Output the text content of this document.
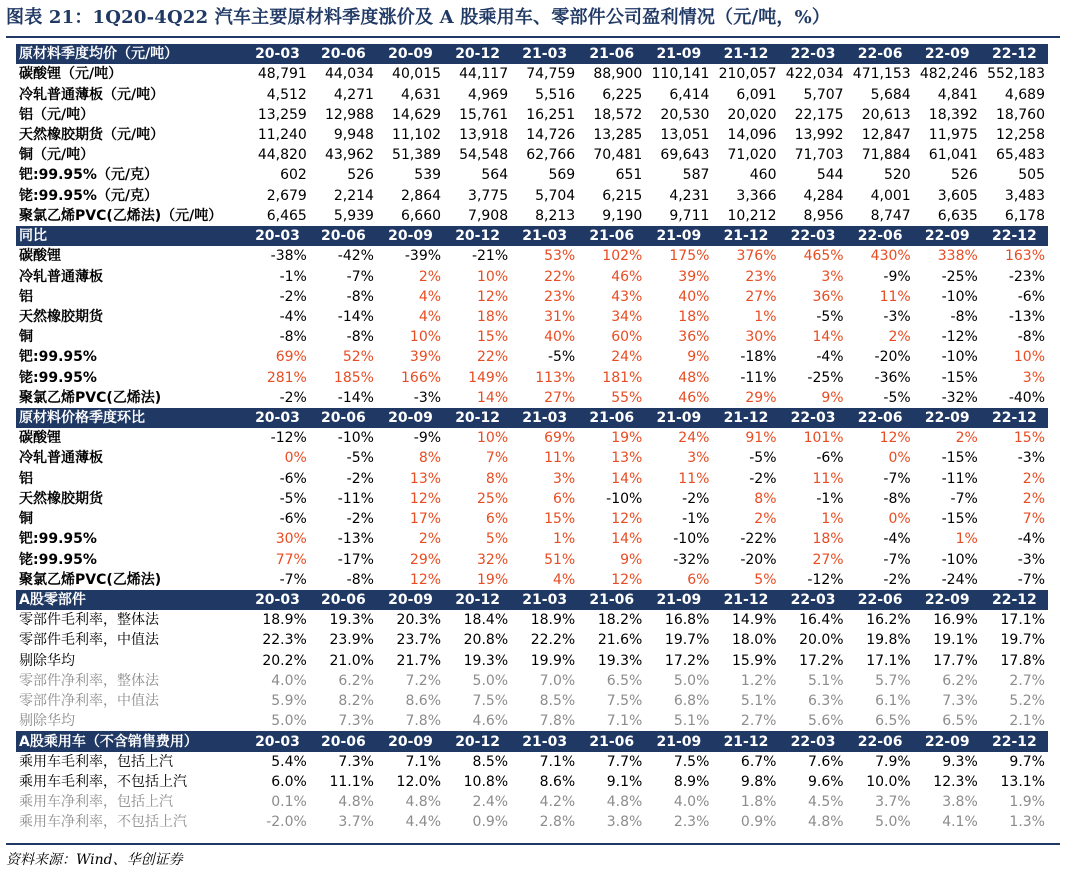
图表 21：1Q20-4Q22 汽车主要原材料季度涨价及 A 股乘用车、零部件公司盈利情况（元/吨，%）
原材料季度均价（元/吨）	20-03	20-06	20-09	20-12	21-03	21-06	21-09	21-12	22-03	22-06	22-09	22-12
碳酸锂（元/吨）	48,791	44,034	40,015	44,117	74,759	88,900	110,141	210,057	422,034	471,153	482,246	552,183
冷轧普通薄板（元/吨）	4,512	4,271	4,631	4,969	5,516	6,225	6,414	6,091	5,707	5,684	4,841	4,689
铝（元/吨）	13,259	12,988	14,629	15,761	16,251	18,572	20,530	20,020	22,175	20,613	18,392	18,760
天然橡胶期货（元/吨）	11,240	9,948	11,102	13,918	14,726	13,285	13,051	14,096	13,992	12,847	11,975	12,258
铜（元/吨）	44,820	43,962	51,389	54,548	62,766	70,481	69,643	71,020	71,703	71,884	61,041	65,483
钯:99.95%（元/克）	602	526	539	564	569	651	587	460	544	520	526	505
铑:99.95%（元/克）	2,679	2,214	2,864	3,775	5,704	6,215	4,231	3,366	4,284	4,001	3,605	3,483
聚氯乙烯PVC(乙烯法)（元/吨）	6,465	5,939	6,660	7,908	8,213	9,190	9,711	10,212	8,956	8,747	6,635	6,178
同比	20-03	20-06	20-09	20-12	21-03	21-06	21-09	21-12	22-03	22-06	22-09	22-12
碳酸锂	-38%	-42%	-39%	-21%	53%	102%	175%	376%	465%	430%	338%	163%
冷轧普通薄板	-1%	-7%	2%	10%	22%	46%	39%	23%	3%	-9%	-25%	-23%
铝	-2%	-8%	4%	12%	23%	43%	40%	27%	36%	11%	-10%	-6%
天然橡胶期货	-4%	-14%	4%	18%	31%	34%	18%	1%	-5%	-3%	-8%	-13%
铜	-8%	-8%	10%	15%	40%	60%	36%	30%	14%	2%	-12%	-8%
钯:99.95%	69%	52%	39%	22%	-5%	24%	9%	-18%	-4%	-20%	-10%	10%
铑:99.95%	281%	185%	166%	149%	113%	181%	48%	-11%	-25%	-36%	-15%	3%
聚氯乙烯PVC(乙烯法)	-2%	-14%	-3%	14%	27%	55%	46%	29%	9%	-5%	-32%	-40%
原材料价格季度环比	20-03	20-06	20-09	20-12	21-03	21-06	21-09	21-12	22-03	22-06	22-09	22-12
碳酸锂	-12%	-10%	-9%	10%	69%	19%	24%	91%	101%	12%	2%	15%
冷轧普通薄板	0%	-5%	8%	7%	11%	13%	3%	-5%	-6%	0%	-15%	-3%
铝	-6%	-2%	13%	8%	3%	14%	11%	-2%	11%	-7%	-11%	2%
天然橡胶期货	-5%	-11%	12%	25%	6%	-10%	-2%	8%	-1%	-8%	-7%	2%
铜	-6%	-2%	17%	6%	15%	12%	-1%	2%	1%	0%	-15%	7%
钯:99.95%	30%	-13%	2%	5%	1%	14%	-10%	-22%	18%	-4%	1%	-4%
铑:99.95%	77%	-17%	29%	32%	51%	9%	-32%	-20%	27%	-7%	-10%	-3%
聚氯乙烯PVC(乙烯法)	-7%	-8%	12%	19%	4%	12%	6%	5%	-12%	-2%	-24%	-7%
A股零部件	20-03	20-06	20-09	20-12	21-03	21-06	21-09	21-12	22-03	22-06	22-09	22-12
零部件毛利率，整体法	18.9%	19.3%	20.3%	18.4%	18.9%	18.2%	16.8%	14.9%	16.4%	16.2%	16.9%	17.1%
零部件毛利率，中值法	22.3%	23.9%	23.7%	20.8%	22.2%	21.6%	19.7%	18.0%	20.0%	19.8%	19.1%	19.7%
剔除华均	20.2%	21.0%	21.7%	19.3%	19.9%	19.3%	17.2%	15.9%	17.2%	17.1%	17.7%	17.8%
零部件净利率，整体法	4.0%	6.2%	7.2%	5.0%	7.0%	6.5%	5.0%	1.2%	5.1%	5.7%	6.2%	2.7%
零部件净利率，中值法	5.9%	8.2%	8.6%	7.5%	8.5%	7.5%	6.8%	5.1%	6.3%	6.1%	7.3%	5.2%
剔除华均	5.0%	7.3%	7.8%	4.6%	7.8%	7.1%	5.1%	2.7%	5.6%	6.5%	6.5%	2.1%
A股乘用车（不含销售费用）	20-03	20-06	20-09	20-12	21-03	21-06	21-09	21-12	22-03	22-06	22-09	22-12
乘用车毛利率，包括上汽	5.4%	7.3%	7.1%	8.5%	7.1%	7.7%	7.5%	6.7%	7.6%	7.9%	9.3%	9.7%
乘用车毛利率，不包括上汽	6.0%	11.1%	12.0%	10.8%	8.6%	9.1%	8.9%	9.8%	9.6%	10.0%	12.3%	13.1%
乘用车净利率，包括上汽	0.1%	4.8%	4.8%	2.4%	4.2%	4.8%	4.0%	1.8%	4.5%	3.7%	3.8%	1.9%
乘用车净利率，不包括上汽	-2.0%	3.7%	4.4%	0.9%	2.8%	3.8%	2.3%	0.9%	4.8%	5.0%	4.1%	1.3%
资料来源：Wind、华创证券
